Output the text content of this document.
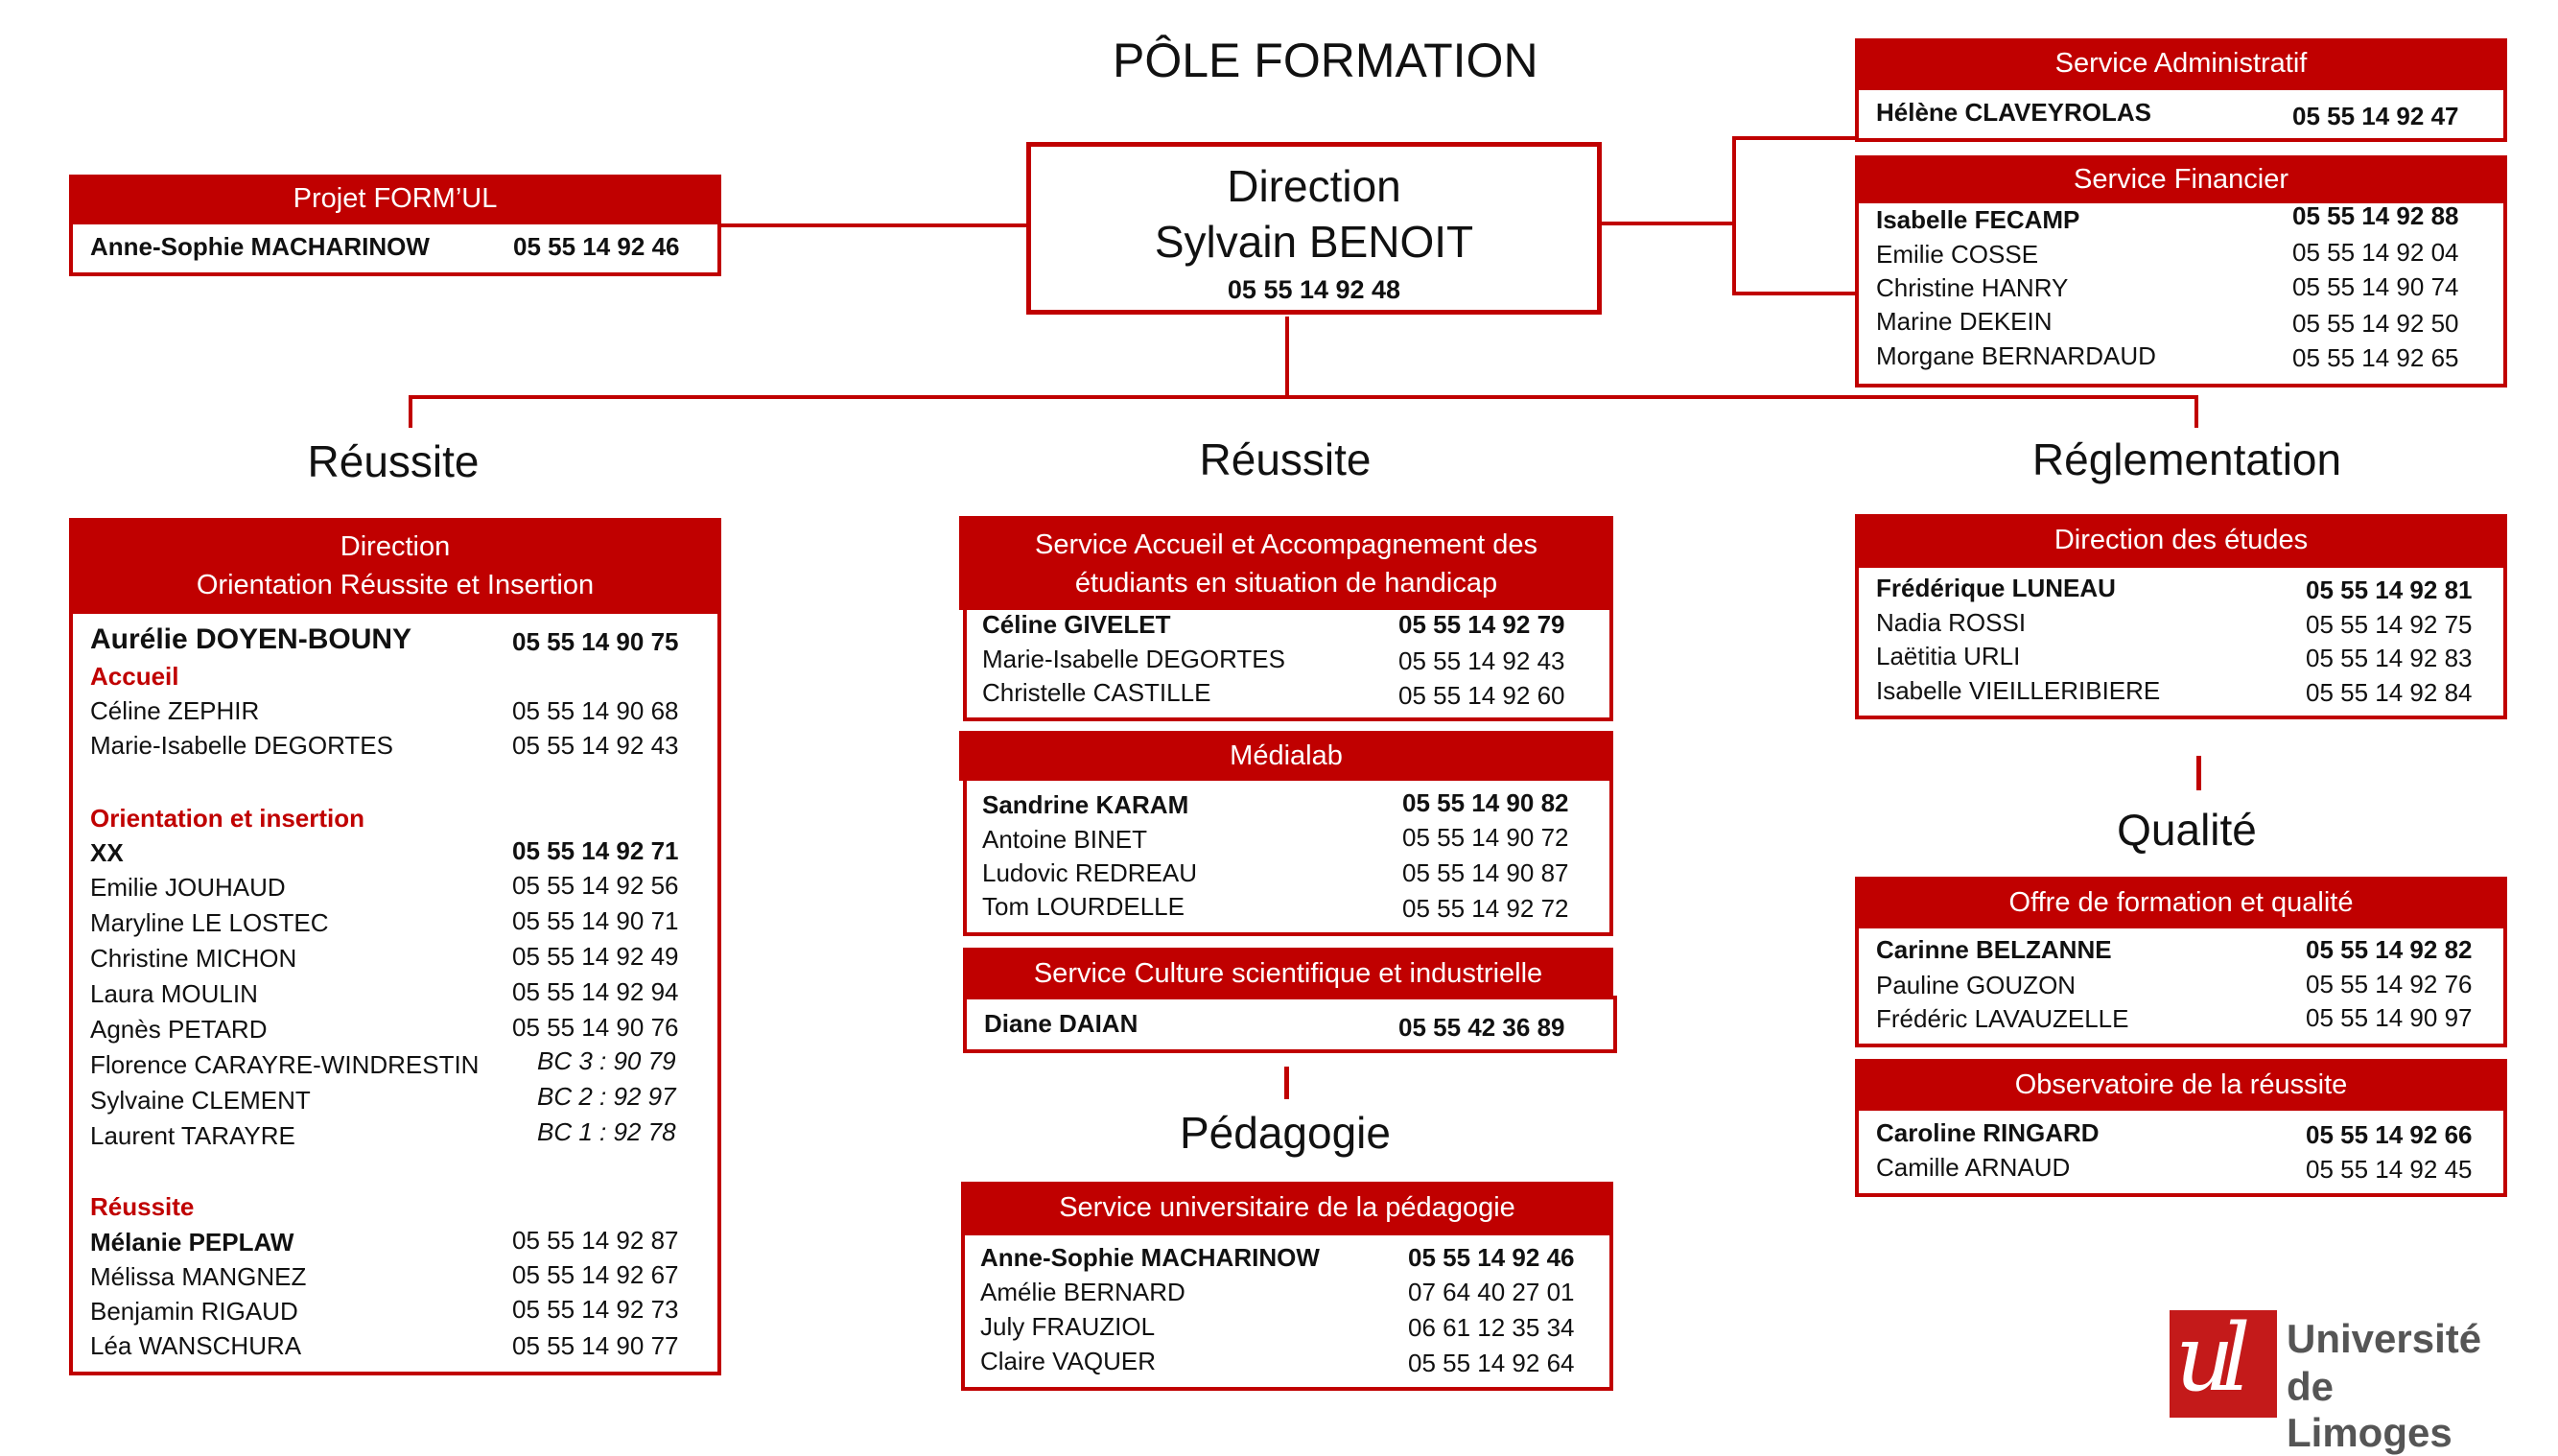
PÔLE FORMATION
Direction
Sylvain BENOIT
05 55 14 92 48
Projet FORM’UL
Anne-Sophie MACHARINOW	05 55 14 92 46
Service Administratif
Hélène CLAVEYROLAS	05 55 14 92 47
Service Financier
Isabelle FECAMP	05 55 14 92 88
Emilie COSSE	05 55 14 92 04
Christine HANRY	05 55 14 90 74
Marine DEKEIN	05 55 14 92 50
Morgane BERNARDAUD	05 55 14 92 65
Réussite	Réussite	Réglementation
Qualité
Pédagogie
Direction
Orientation Réussite et Insertion
Aurélie DOYEN-BOUNY	05 55 14 90 75
Accueil
Céline ZEPHIR	05 55 14 90 68
Marie-Isabelle DEGORTES	05 55 14 92 43
Orientation et insertion
XX	05 55 14 92 71
Emilie JOUHAUD	05 55 14 92 56
Maryline LE LOSTEC	05 55 14 90 71
Christine MICHON	05 55 14 92 49
Laura MOULIN	05 55 14 92 94
Agnès PETARD	05 55 14 90 76
Florence CARAYRE-WINDRESTIN BC 3 : 90 79
Sylvaine CLEMENT	BC 2 : 92 97
Laurent TARAYRE	BC 1 : 92 78
Réussite
Mélanie PEPLAW	05 55 14 92 87
Mélissa MANGNEZ	05 55 14 92 67
Benjamin RIGAUD	05 55 14 92 73
Léa WANSCHURA	05 55 14 90 77
Service Accueil et Accompagnement des
étudiants en situation de handicap
Céline GIVELET	05 55 14 92 79
Marie-Isabelle DEGORTES	05 55 14 92 43
Christelle CASTILLE	05 55 14 92 60
Médialab
Sandrine KARAM	05 55 14 90 82
Antoine BINET	05 55 14 90 72
Ludovic REDREAU	05 55 14 90 87
Tom LOURDELLE	05 55 14 92 72
Service Culture scientifique et industrielle
Diane DAIAN	05 55 42 36 89
Service universitaire de la pédagogie
Anne-Sophie MACHARINOW	05 55 14 92 46
Amélie BERNARD	07 64 40 27 01
July FRAUZIOL	06 61 12 35 34
Claire VAQUER	05 55 14 92 64
Direction des études
Frédérique LUNEAU	05 55 14 92 81
Nadia ROSSI	05 55 14 92 75
Laëtitia URLI	05 55 14 92 83
Isabelle VIEILLERIBIERE	05 55 14 92 84
Offre de formation et qualité
Carinne BELZANNE	05 55 14 92 82
Pauline GOUZON	05 55 14 92 76
Frédéric LAVAUZELLE	05 55 14 90 97
Observatoire de la réussite
Caroline RINGARD	05 55 14 92 66
Camille ARNAUD	05 55 14 92 45
ul Université
de Limoges
